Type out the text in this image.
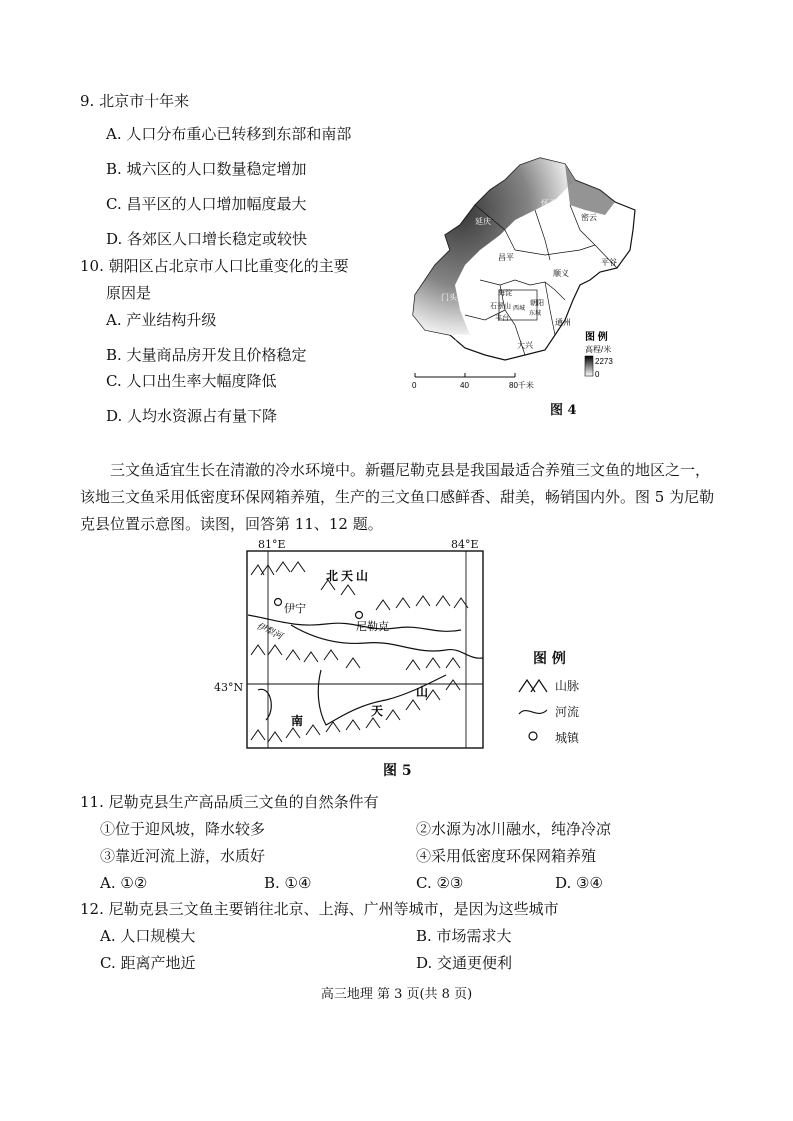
9. 北京市十年来
A. 人口分布重心已转移到东部和南部
B. 城六区的人口数量稳定增加
C. 昌平区的人口增加幅度最大
D. 各郊区人口增长稳定或较快
10. 朝阳区占北京市人口比重变化的主要
原因是
A. 产业结构升级
B. 大量商品房开发且价格稳定
C. 人口出生率大幅度降低
D. 人均水资源占有量下降
延庆
怀柔
密云
昌平
顺义
平谷
门头沟	海淀
石景山	朝阳
西城
东城
丰台
房山
大兴
通州
图 例
高程/米
2273
0
0	40	80千米
图 4
三文鱼适宜生长在清澈的冷水环境中。新疆尼勒克县是我国最适合养殖三文鱼的地区之一，该地三文鱼采用低密度环保网箱养殖，生产的三文鱼口感鲜香、甜美，畅销国内外。图 5 为尼勒克县位置示意图。读图，回答第 11、12 题。
81°E	84°E
43°N
北 天 山
伊宁
尼勒克
伊犁河
南
天
山
图 例
山脉
河流
城镇
图 5
11. 尼勒克县生产高品质三文鱼的自然条件有
①位于迎风坡，降水较多	②水源为冰川融水，纯净冷凉
③靠近河流上游，水质好	④采用低密度环保网箱养殖
A. ①②	B. ①④	C. ②③	D. ③④
12. 尼勒克县三文鱼主要销往北京、上海、广州等城市，是因为这些城市
A. 人口规模大	B. 市场需求大
C. 距离产地近	D. 交通更便利
高三地理 第 3 页(共 8 页)
